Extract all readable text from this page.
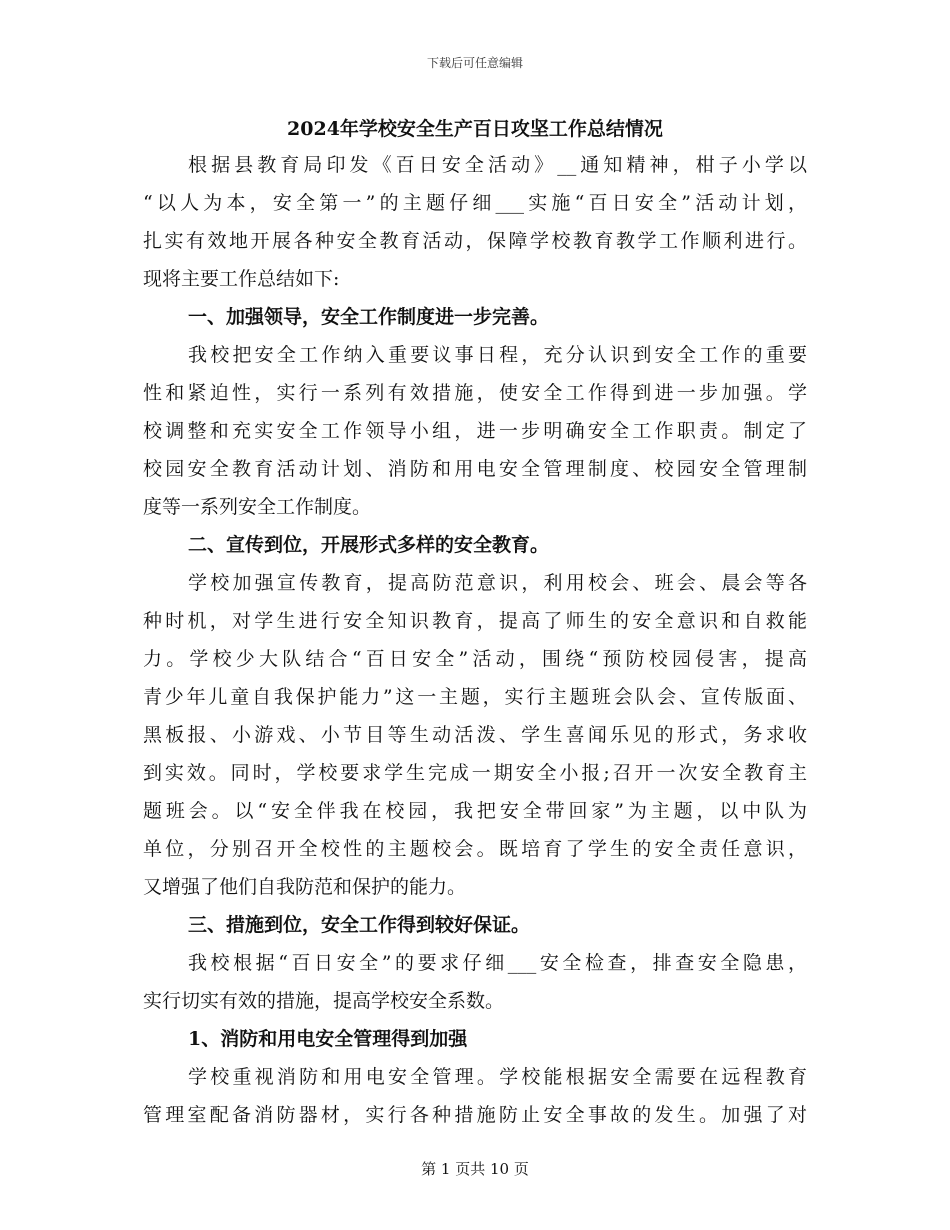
下载后可任意编辑
2024年学校安全生产百日攻坚工作总结情况
根据县教育局印发《百日安全活动》__通知精神，柑子小学以
“以人为本，安全第一”的主题仔细___实施“百日安全”活动计划，
扎实有效地开展各种安全教育活动，保障学校教育教学工作顺利进行。
现将主要工作总结如下:
一、加强领导，安全工作制度进一步完善。
我校把安全工作纳入重要议事日程，充分认识到安全工作的重要
性和紧迫性，实行一系列有效措施，使安全工作得到进一步加强。学
校调整和充实安全工作领导小组，进一步明确安全工作职责。制定了
校园安全教育活动计划、消防和用电安全管理制度、校园安全管理制
度等一系列安全工作制度。
二、宣传到位，开展形式多样的安全教育。
学校加强宣传教育，提高防范意识，利用校会、班会、晨会等各
种时机，对学生进行安全知识教育，提高了师生的安全意识和自救能
力。学校少大队结合“百日安全”活动，围绕“预防校园侵害，提高
青少年儿童自我保护能力”这一主题，实行主题班会队会、宣传版面、
黑板报、小游戏、小节目等生动活泼、学生喜闻乐见的形式，务求收
到实效。同时，学校要求学生完成一期安全小报;召开一次安全教育主
题班会。以“安全伴我在校园，我把安全带回家”为主题，以中队为
单位，分别召开全校性的主题校会。既培育了学生的安全责任意识，
又增强了他们自我防范和保护的能力。
三、措施到位，安全工作得到较好保证。
我校根据“百日安全”的要求仔细___安全检查，排查安全隐患，
实行切实有效的措施，提高学校安全系数。
1、消防和用电安全管理得到加强
学校重视消防和用电安全管理。学校能根据安全需要在远程教育
管理室配备消防器材，实行各种措施防止安全事故的发生。加强了对
第 1 页共 10 页
